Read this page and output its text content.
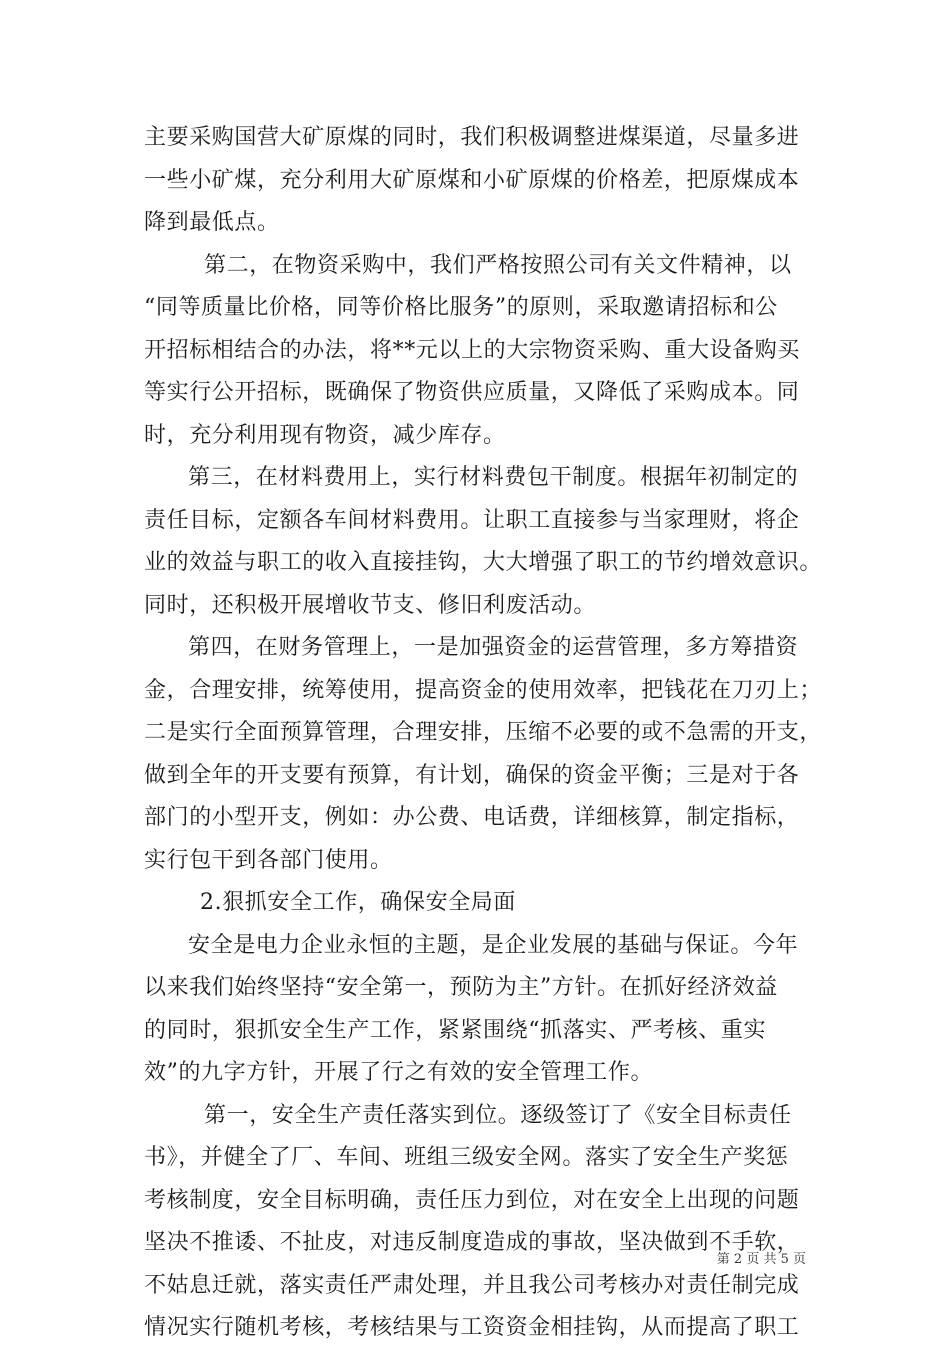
主要采购国营大矿原煤的同时，我们积极调整进煤渠道，尽量多进
一些小矿煤，充分利用大矿原煤和小矿原煤的价格差，把原煤成本
降到最低点。
第二，在物资采购中，我们严格按照公司有关文件精神，以
“同等质量比价格，同等价格比服务”的原则，采取邀请招标和公
开招标相结合的办法，将**元以上的大宗物资采购、重大设备购买
等实行公开招标，既确保了物资供应质量，又降低了采购成本。同
时，充分利用现有物资，减少库存。
第三，在材料费用上，实行材料费包干制度。根据年初制定的
责任目标，定额各车间材料费用。让职工直接参与当家理财，将企
业的效益与职工的收入直接挂钩，大大增强了职工的节约增效意识。
同时，还积极开展增收节支、修旧利废活动。
第四，在财务管理上，一是加强资金的运营管理，多方筹措资
金，合理安排，统筹使用，提高资金的使用效率，把钱花在刀刃上；
二是实行全面预算管理，合理安排，压缩不必要的或不急需的开支，
做到全年的开支要有预算，有计划，确保的资金平衡；三是对于各
部门的小型开支，例如：办公费、电话费，详细核算，制定指标，
实行包干到各部门使用。
2.狠抓安全工作，确保安全局面
安全是电力企业永恒的主题，是企业发展的基础与保证。今年
以来我们始终坚持“安全第一，预防为主”方针。在抓好经济效益
的同时，狠抓安全生产工作，紧紧围绕“抓落实、严考核、重实
效”的九字方针，开展了行之有效的安全管理工作。
第一，安全生产责任落实到位。逐级签订了《安全目标责任
书》，并健全了厂、车间、班组三级安全网。落实了安全生产奖惩
考核制度，安全目标明确，责任压力到位，对在安全上出现的问题
坚决不推诿、不扯皮，对违反制度造成的事故，坚决做到不手软，
不姑息迁就，落实责任严肃处理，并且我公司考核办对责任制完成
情况实行随机考核，考核结果与工资资金相挂钩，从而提高了职工
第 2 页 共 5 页
